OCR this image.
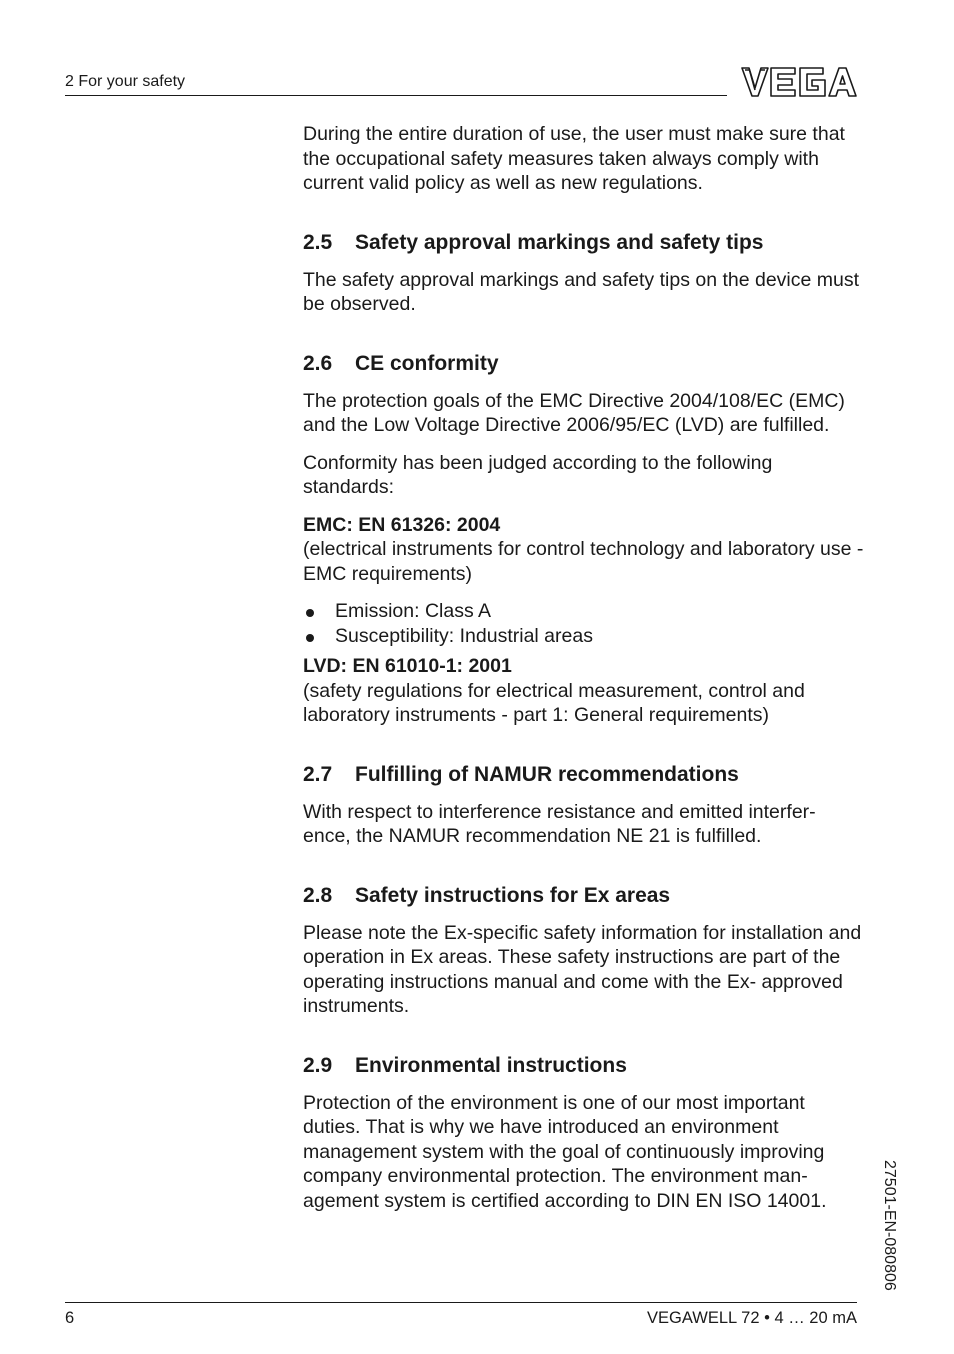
2 For your safety

During the entire duration of use, the user must make sure that the occupational safety measures taken always comply with current valid policy as well as new regulations.

2.5 Safety approval markings and safety tips

The safety approval markings and safety tips on the device must be observed.

2.6 CE conformity

The protection goals of the EMC Directive 2004/108/EC (EMC) and the Low Voltage Directive 2006/95/EC (LVD) are fulfilled.

Conformity has been judged according to the following standards:

EMC: EN 61326: 2004
(electrical instruments for control technology and laboratory use - EMC requirements)

Emission: Class A
Susceptibility: Industrial areas

LVD: EN 61010-1: 2001
(safety regulations for electrical measurement, control and laboratory instruments - part 1: General requirements)

2.7 Fulfilling of NAMUR recommendations

With respect to interference resistance and emitted interfer- ence, the NAMUR recommendation NE 21 is fulfilled.

2.8 Safety instructions for Ex areas

Please note the Ex-specific safety information for installation and operation in Ex areas. These safety instructions are part of the operating instructions manual and come with the Ex- approved instruments.

2.9 Environmental instructions

Protection of the environment is one of our most important duties. That is why we have introduced an environment management system with the goal of continuously improving company environmental protection. The environment man- agement system is certified according to DIN EN ISO 14001.	27501-EN-080806
6	VEGAWELL 72 • 4 … 20 mA
